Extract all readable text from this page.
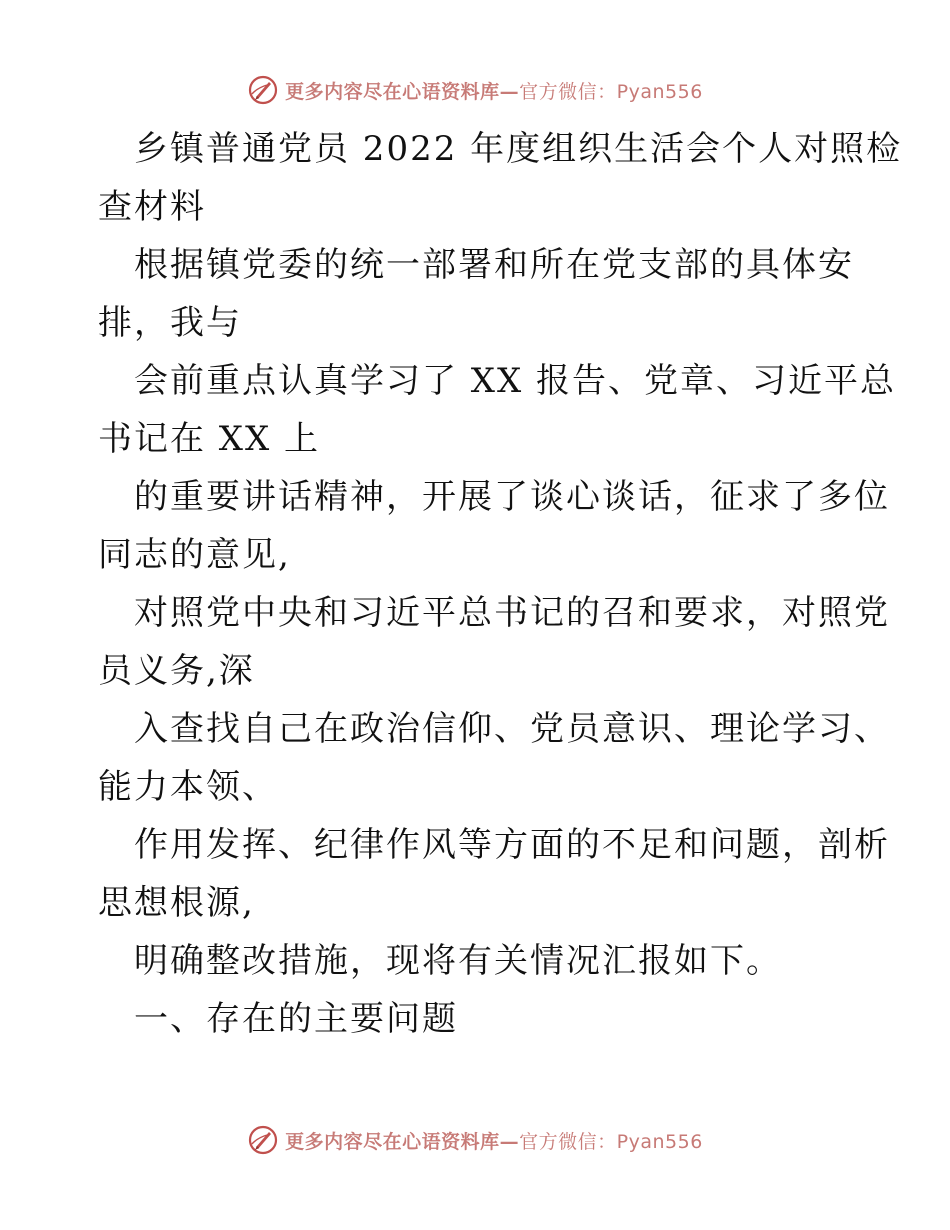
更多内容尽在心语资料库—官方微信：Pyan556

乡镇普通党员 2022 年度组织生活会个人对照检
查材料

根据镇党委的统一部署和所在党支部的具体安
排，我与

会前重点认真学习了 XX 报告、党章、习近平总
书记在 XX 上

的重要讲话精神，开展了谈心谈话，征求了多位
同志的意见,

对照党中央和习近平总书记的召和要求，对照党
员义务,深

入查找自己在政治信仰、党员意识、理论学习、
能力本领、

作用发挥、纪律作风等方面的不足和问题，剖析
思想根源,

明确整改措施，现将有关情况汇报如下。

一、存在的主要问题

更多内容尽在心语资料库—官方微信：Pyan556
